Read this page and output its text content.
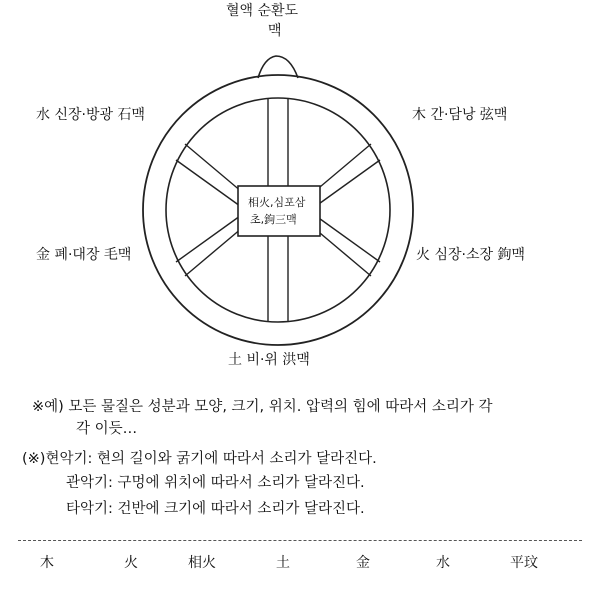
相火,심포삼
초,鉤三맥
혈액 순환도
맥
水 신장·방광 石맥	木 간·담낭 弦맥
金 폐·대장 毛맥	火 심장·소장 鉤맥
土 비·위 洪맥
※예) 모든 물질은 성분과 모양, 크기, 위치. 압력의 힘에 따라서 소리가 각
각 이듯…
(※)현악기: 현의 길이와 굵기에 따라서 소리가 달라진다.
관악기: 구멍에 위치에 따라서 소리가 달라진다.
타악기: 건반에 크기에 따라서 소리가 달라진다.
木	火	相火	土	金	水	平玟
